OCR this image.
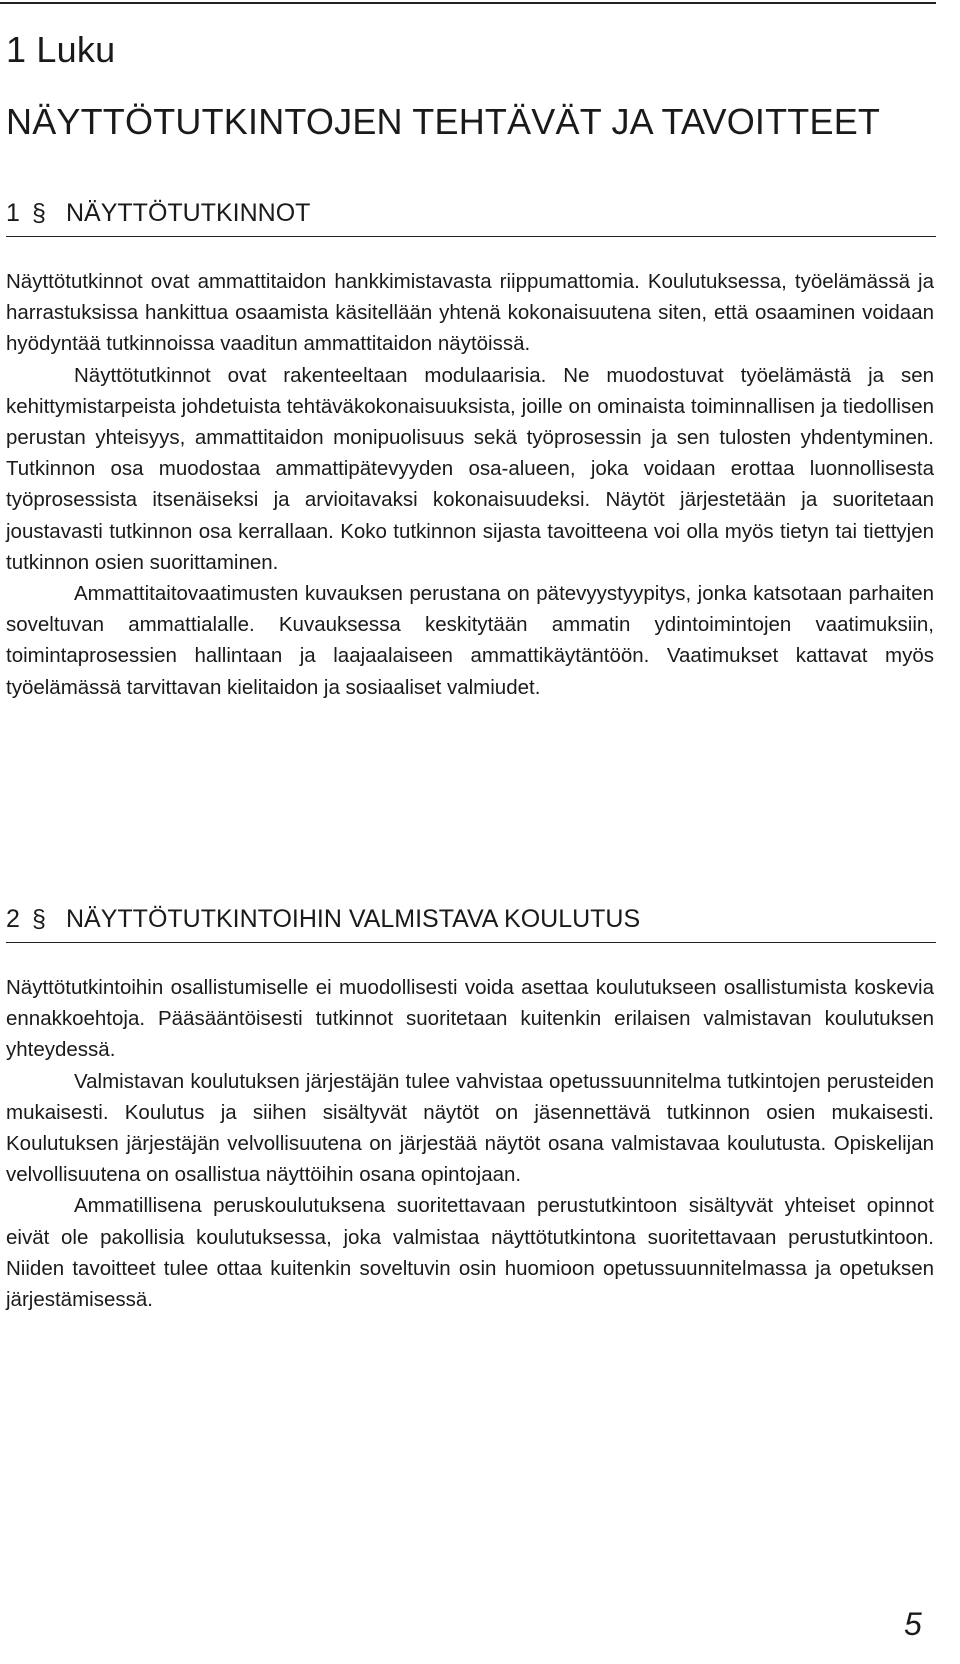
1 Luku
NÄYTTÖTUTKINTOJEN TEHTÄVÄT JA TAVOITTEET
1 § NÄYTTÖTUTKINNOT

Näyttötutkinnot ovat ammattitaidon hankkimistavasta riippumattomia. Koulutuksessa, työelämässä ja harrastuksissa hankittua osaamista käsitellään yhtenä kokonaisuutena siten, että osaaminen voidaan hyödyntää tutkinnoissa vaaditun ammattitaidon näytöissä.

Näyttötutkinnot ovat rakenteeltaan modulaarisia. Ne muodostuvat työelämästä ja sen kehittymistarpeista johdetuista tehtäväkokonaisuuksista, joille on ominaista toiminnallisen ja tiedollisen perustan yhteisyys, ammattitaidon monipuolisuus sekä työprosessin ja sen tulosten yhdentyminen. Tutkinnon osa muodostaa ammattipätevyyden osa-alueen, joka voidaan erottaa luonnollisesta työprosessista itsenäiseksi ja arvioitavaksi kokonaisuudeksi. Näytöt järjestetään ja suoritetaan joustavasti tutkinnon osa kerrallaan. Koko tutkinnon sijasta tavoitteena voi olla myös tietyn tai tiettyjen tutkinnon osien suorittaminen.

Ammattitaitovaatimusten kuvauksen perustana on pätevyystyypitys, jonka katsotaan parhaiten soveltuvan ammattialalle. Kuvauksessa keskitytään ammatin ydintoimintojen vaatimuksiin, toimintaprosessien hallintaan ja laajaalaiseen ammattikäytäntöön. Vaatimukset kattavat myös työelämässä tarvittavan kielitaidon ja sosiaaliset valmiudet.

2 § NÄYTTÖTUTKINTOIHIN VALMISTAVA KOULUTUS

Näyttötutkintoihin osallistumiselle ei muodollisesti voida asettaa koulutukseen osallistumista koskevia ennakkoehtoja. Pääsääntöisesti tutkinnot suoritetaan kuitenkin erilaisen valmistavan koulutuksen yhteydessä.

Valmistavan koulutuksen järjestäjän tulee vahvistaa opetussuunnitelma tutkintojen perusteiden mukaisesti. Koulutus ja siihen sisältyvät näytöt on jäsennettävä tutkinnon osien mukaisesti. Koulutuksen järjestäjän velvollisuutena on järjestää näytöt osana valmistavaa koulutusta. Opiskelijan velvollisuutena on osallistua näyttöihin osana opintojaan.

Ammatillisena peruskoulutuksena suoritettavaan perustutkintoon sisältyvät yhteiset opinnot eivät ole pakollisia koulutuksessa, joka valmistaa näyttötutkintona suoritettavaan perustutkintoon. Niiden tavoitteet tulee ottaa kuitenkin soveltuvin osin huomioon opetussuunnitelmassa ja opetuksen järjestämisessä.

5
